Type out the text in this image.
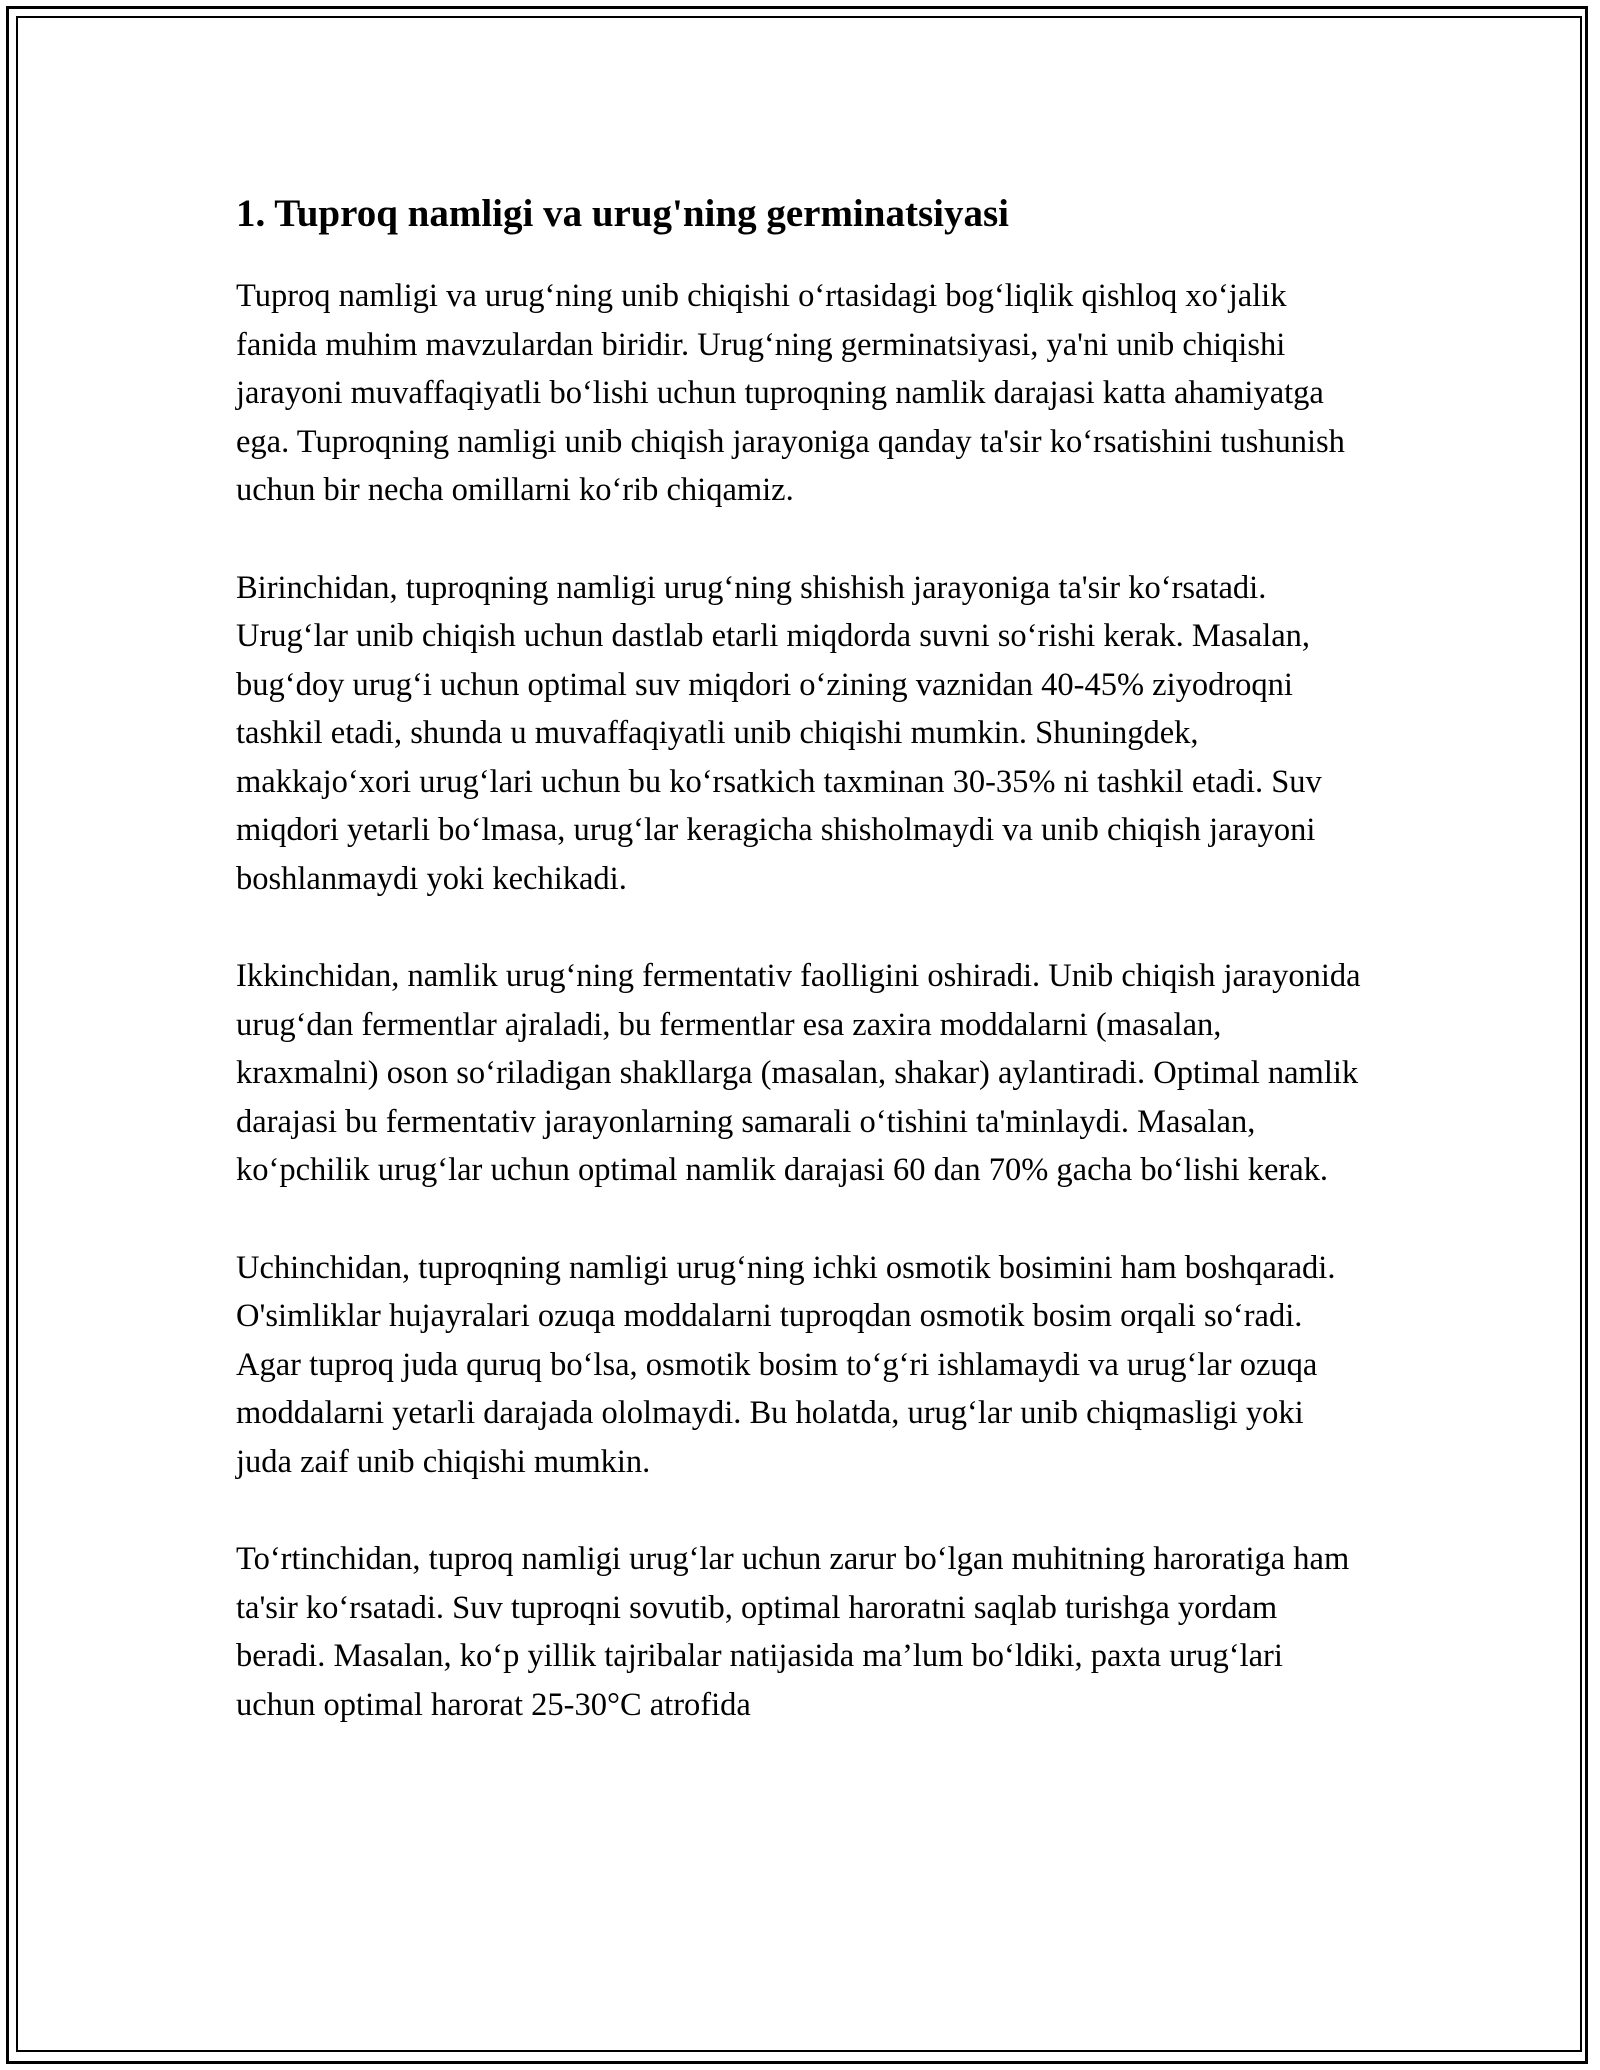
1. Tuproq namligi va urug'ning germinatsiyasi

Tuproq namligi va urug‘ning unib chiqishi o‘rtasidagi bog‘liqlik qishloq xo‘jalik fanida muhim mavzulardan biridir. Urug‘ning germinatsiyasi, ya'ni unib chiqishi jarayoni muvaffaqiyatli bo‘lishi uchun tuproqning namlik darajasi katta ahamiyatga ega. Tuproqning namligi unib chiqish jarayoniga qanday ta'sir ko‘rsatishini tushunish uchun bir necha omillarni ko‘rib chiqamiz.

Birinchidan, tuproqning namligi urug‘ning shishish jarayoniga ta'sir ko‘rsatadi. Urug‘lar unib chiqish uchun dastlab etarli miqdorda suvni so‘rishi kerak. Masalan, bug‘doy urug‘i uchun optimal suv miqdori o‘zining vaznidan 40-45% ziyodroqni tashkil etadi, shunda u muvaffaqiyatli unib chiqishi mumkin. Shuningdek, makkajo‘xori urug‘lari uchun bu ko‘rsatkich taxminan 30-35% ni tashkil etadi. Suv miqdori yetarli bo‘lmasa, urug‘lar keragicha shisholmaydi va unib chiqish jarayoni boshlanmaydi yoki kechikadi.

Ikkinchidan, namlik urug‘ning fermentativ faolligini oshiradi. Unib chiqish jarayonida urug‘dan fermentlar ajraladi, bu fermentlar esa zaxira moddalarni (masalan, kraxmalni) oson so‘riladigan shakllarga (masalan, shakar) aylantiradi. Optimal namlik darajasi bu fermentativ jarayonlarning samarali o‘tishini ta'minlaydi. Masalan, ko‘pchilik urug‘lar uchun optimal namlik darajasi 60 dan 70% gacha bo‘lishi kerak.

Uchinchidan, tuproqning namligi urug‘ning ichki osmotik bosimini ham boshqaradi. O'simliklar hujayralari ozuqa moddalarni tuproqdan osmotik bosim orqali so‘radi. Agar tuproq juda quruq bo‘lsa, osmotik bosim to‘g‘ri ishlamaydi va urug‘lar ozuqa moddalarni yetarli darajada ololmaydi. Bu holatda, urug‘lar unib chiqmasligi yoki juda zaif unib chiqishi mumkin.

To‘rtinchidan, tuproq namligi urug‘lar uchun zarur bo‘lgan muhitning haroratiga ham ta'sir ko‘rsatadi. Suv tuproqni sovutib, optimal haroratni saqlab turishga yordam beradi. Masalan, ko‘p yillik tajribalar natijasida ma’lum bo‘ldiki, paxta urug‘lari uchun optimal harorat 25-30°C atrofida
